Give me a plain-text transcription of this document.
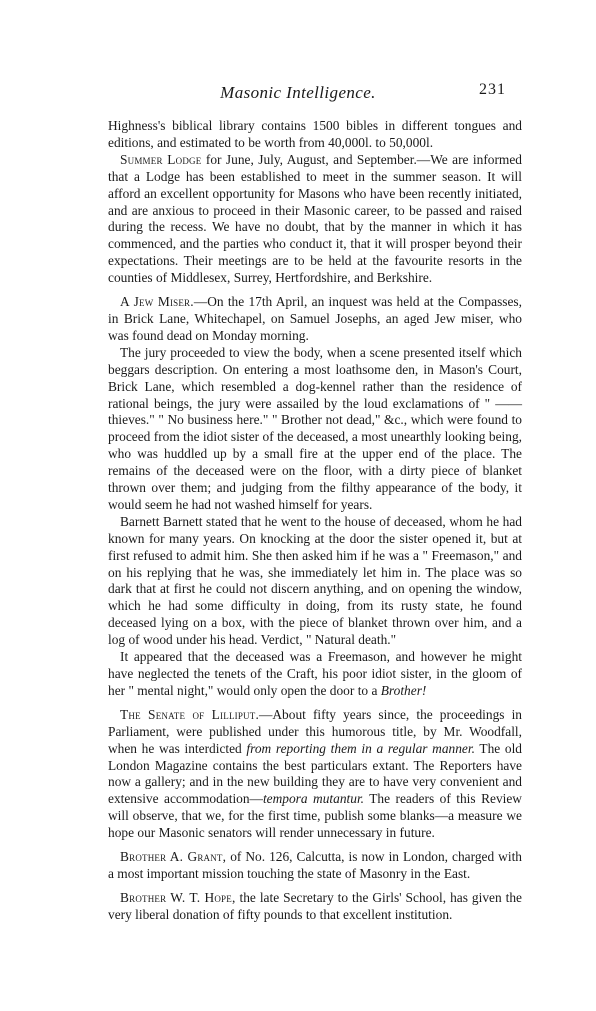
Masonic Intelligence.	231

Highness's biblical library contains 1500 bibles in different tongues and editions, and estimated to be worth from 40,000l. to 50,000l.

Summer Lodge for June, July, August, and September.—We are informed that a Lodge has been established to meet in the summer season. It will afford an excellent opportunity for Masons who have been recently initiated, and are anxious to proceed in their Masonic career, to be passed and raised during the recess. We have no doubt, that by the manner in which it has commenced, and the parties who conduct it, that it will prosper beyond their expectations. Their meetings are to be held at the favourite resorts in the counties of Middlesex, Surrey, Hertfordshire, and Berkshire.

A Jew Miser.—On the 17th April, an inquest was held at the Compasses, in Brick Lane, Whitechapel, on Samuel Josephs, an aged Jew miser, who was found dead on Monday morning.

The jury proceeded to view the body, when a scene presented itself which beggars description. On entering a most loathsome den, in Mason's Court, Brick Lane, which resembled a dog-kennel rather than the residence of rational beings, the jury were assailed by the loud exclamations of " —— thieves." " No business here." " Brother not dead," &c., which were found to proceed from the idiot sister of the deceased, a most unearthly looking being, who was huddled up by a small fire at the upper end of the place. The remains of the deceased were on the floor, with a dirty piece of blanket thrown over them; and judging from the filthy appearance of the body, it would seem he had not washed himself for years.

Barnett Barnett stated that he went to the house of deceased, whom he had known for many years. On knocking at the door the sister opened it, but at first refused to admit him. She then asked him if he was a " Freemason," and on his replying that he was, she immediately let him in. The place was so dark that at first he could not discern anything, and on opening the window, which he had some difficulty in doing, from its rusty state, he found deceased lying on a box, with the piece of blanket thrown over him, and a log of wood under his head. Verdict, " Natural death."

It appeared that the deceased was a Freemason, and however he might have neglected the tenets of the Craft, his poor idiot sister, in the gloom of her " mental night," would only open the door to a Brother!

The Senate of Lilliput.—About fifty years since, the proceedings in Parliament, were published under this humorous title, by Mr. Woodfall, when he was interdicted from reporting them in a regular manner. The old London Magazine contains the best particulars extant. The Reporters have now a gallery; and in the new building they are to have very convenient and extensive accommodation—tempora mutantur. The readers of this Review will observe, that we, for the first time, publish some blanks—a measure we hope our Masonic senators will render unnecessary in future.

Brother A. Grant, of No. 126, Calcutta, is now in London, charged with a most important mission touching the state of Masonry in the East.

Brother W. T. Hope, the late Secretary to the Girls' School, has given the very liberal donation of fifty pounds to that excellent institution.
